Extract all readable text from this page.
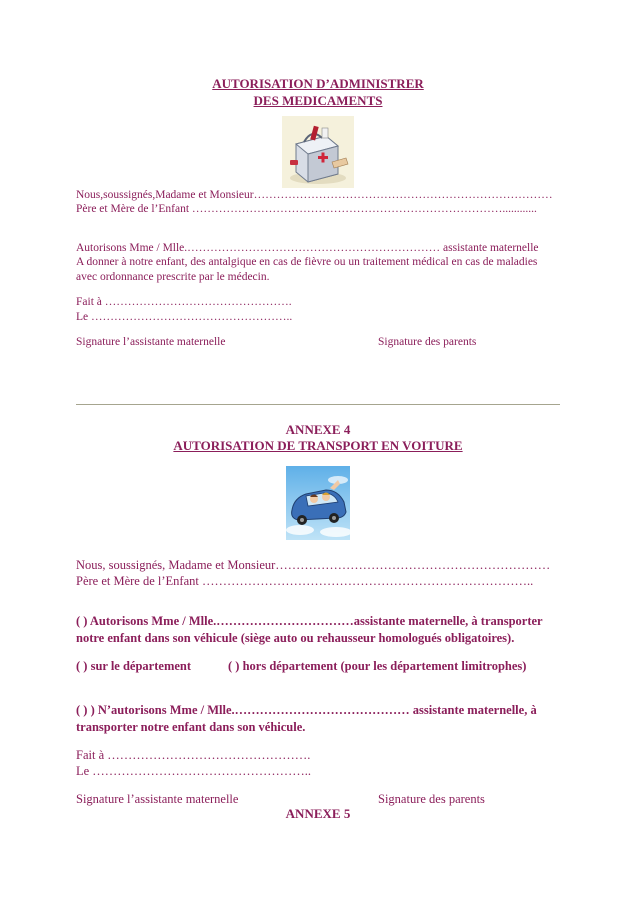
AUTORISATION D’ADMINISTRER
DES MEDICAMENTS
Nous,soussignés,Madame et Monsieur……………………………………………………………………
Père et Mère de l’Enfant ………………………………………………………………………............
Autorisons Mme / Mlle.………………………………………………………… assistante maternelle
A donner à notre enfant, des antalgique en cas de fièvre ou un traitement médical en cas de maladies
avec ordonnance prescrite par le médecin.
Fait à ………………………………………….
Le ……………………………………………..
Signature l’assistante maternelle	Signature des parents
ANNEXE 4
AUTORISATION DE TRANSPORT EN VOITURE
Nous, soussignés, Madame et Monsieur…………………………………………………………
Père et Mère de l’Enfant ……………………………………………………………………..
( ) Autorisons Mme / Mlle.……………………………assistante maternelle, à transporter
notre enfant dans son véhicule (siège auto ou rehausseur homologués obligatoires).
( ) sur le département	( ) hors département (pour les département limitrophes)
( ) ) N’autorisons Mme / Mlle.…………………………………… assistante maternelle, à
transporter notre enfant dans son véhicule.
Fait à ………………………………………….
Le ……………………………………………..
Signature l’assistante maternelle	Signature des parents
ANNEXE 5
